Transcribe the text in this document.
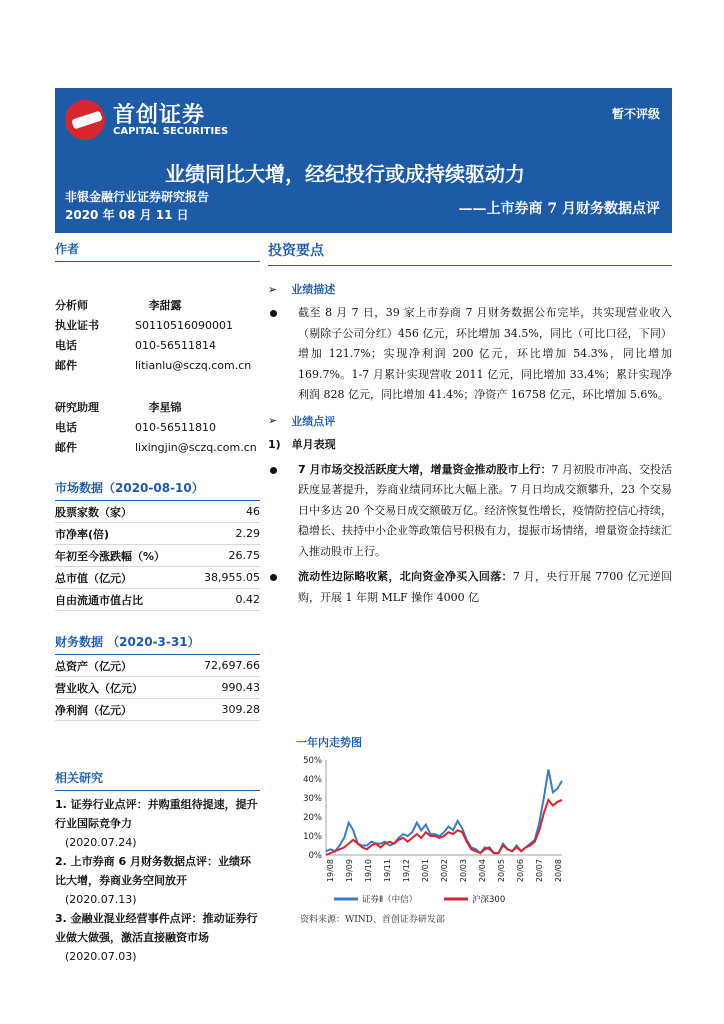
首创证券
CAPITAL SECURITIES
暂不评级
业绩同比大增，经纪投行或成持续驱动力
非银金融行业证券研究报告
2020 年 08 月 11 日	——上市券商 7 月财务数据点评
作者
分析师	李甜露
执业证书	S0110516090001
电话	010-56511814
邮件	litianlu@sczq.com.cn
研究助理	李星锦
电话	010-56511810
邮件	lixingjin@sczq.com.cn
市场数据（2020-08-10）
股票家数（家）	46
市净率(倍)	2.29
年初至今涨跌幅（%）	26.75
总市值（亿元）	38,955.05
自由流通市值占比	0.42
财务数据 （2020-3-31）
总资产（亿元）	72,697.66
营业收入（亿元）	990.43
净利润（亿元）	309.28
相关研究
1. 证券行业点评：并购重组待提速，提升行业国际竞争力
(2020.07.24)
2. 上市券商 6 月财务数据点评：业绩环比大增，券商业务空间放开
(2020.07.13)
3. 金融业混业经营事件点评：推动证券行业做大做强，激活直接融资市场
(2020.07.03)
投资要点
➢ 业绩描述
截至 8 月 7 日，39 家上市券商 7 月财务数据公布完毕，共实现营业收入（剔除子公司分红）456 亿元，环比增加 34.5%，同比（可比口径，下同）增加 121.7%；实现净利润 200 亿元，环比增加 54.3%，同比增加 169.7%。1-7 月累计实现营收 2011 亿元，同比增加 33.4%；累计实现净利润 828 亿元，同比增加 41.4%；净资产 16758 亿元，环比增加 5.6%。
➢ 业绩点评
1)　单月表现
7 月市场交投活跃度大增，增量资金推动股市上行：7 月初股市冲高、交投活跃度显著提升，券商业绩同环比大幅上涨。7 月日均成交额攀升，23 个交易日中多达 20 个交易日成交额破万亿。经济恢复性增长，疫情防控信心持续，稳增长、扶持中小企业等政策信号积极有力，提振市场情绪，增量资金持续汇入推动股市上行。
流动性边际略收紧，北向资金净买入回落：7 月，央行开展 7700 亿元逆回购，开展 1 年期 MLF 操作 4000 亿
一年内走势图
50%
40%
30%
20%
10%
0%
19/08 19/09 19/10 19/11 19/12 20/01 20/02 20/03 20/04 20/05 20/06 20/07 20/08
证券Ⅱ（中信）	沪深300
资料来源：WIND、首创证券研发部
